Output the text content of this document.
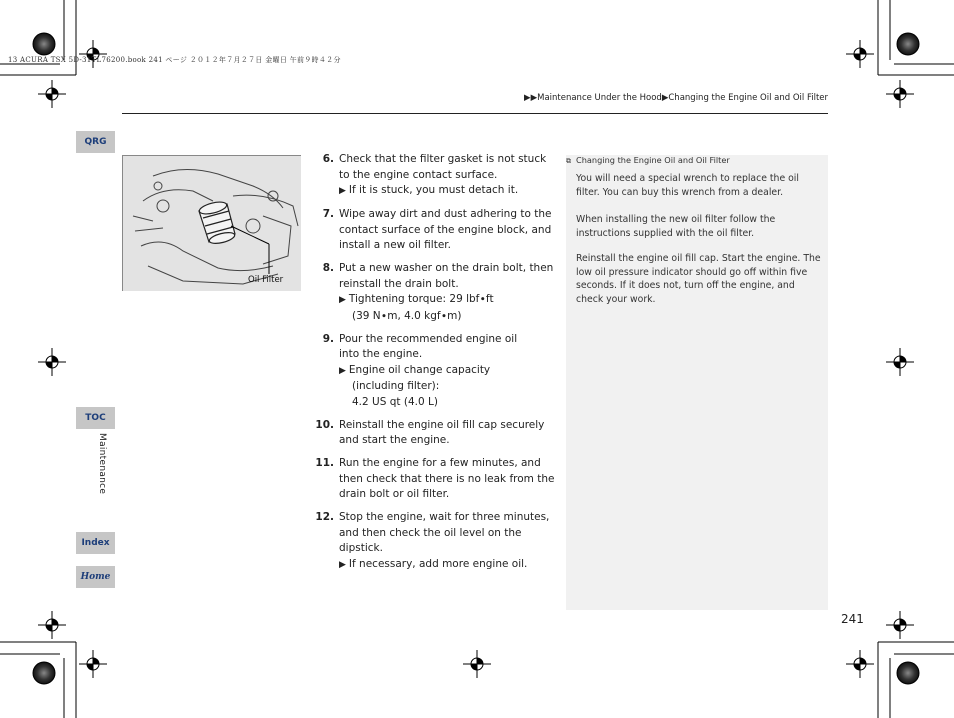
13 ACURA TSX 5D-31TL76200.book 241 ページ ２０１２年７月２７日 金曜日 午前９時４２分
▶▶Maintenance Under the Hood▶Changing the Engine Oil and Oil Filter
QRG
TOC
Index
Home
Maintenance
Oil Filter
6. Check that the filter gasket is not stuck to the engine contact surface.
▶ If it is stuck, you must detach it.
7. Wipe away dirt and dust adhering to the contact surface of the engine block, and install a new oil filter.
8. Put a new washer on the drain bolt, then reinstall the drain bolt.
▶ Tightening torque: 29 lbf∙ft
(39 N∙m, 4.0 kgf∙m)
9. Pour the recommended engine oil into the engine.
▶ Engine oil change capacity
(including filter):
4.2 US qt (4.0 L)
10. Reinstall the engine oil fill cap securely and start the engine.
11. Run the engine for a few minutes, and then check that there is no leak from the drain bolt or oil filter.
12. Stop the engine, wait for three minutes, and then check the oil level on the dipstick.
▶ If necessary, add more engine oil.
⧉ Changing the Engine Oil and Oil Filter
You will need a special wrench to replace the oil filter. You can buy this wrench from a dealer.
When installing the new oil filter follow the instructions supplied with the oil filter.
Reinstall the engine oil fill cap. Start the engine. The low oil pressure indicator should go off within five seconds. If it does not, turn off the engine, and check your work.
241
